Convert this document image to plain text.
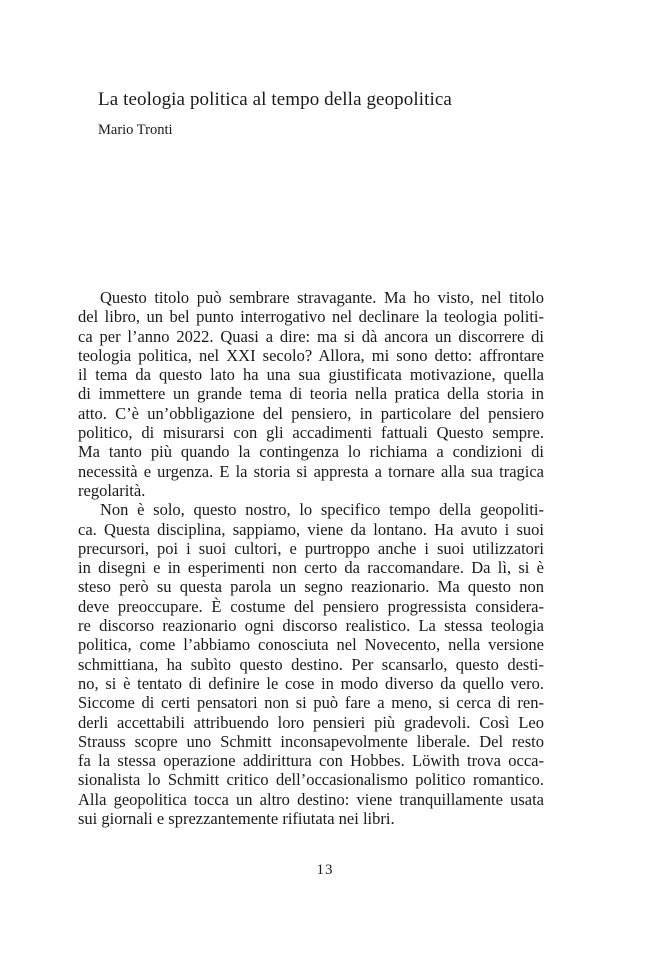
La teologia politica al tempo della geopolitica
Mario Tronti
Questo titolo può sembrare stravagante. Ma ho visto, nel titolo
del libro, un bel punto interrogativo nel declinare la teologia politi-
ca per l’anno 2022. Quasi a dire: ma si dà ancora un discorrere di
teologia politica, nel XXI secolo? Allora, mi sono detto: affrontare
il tema da questo lato ha una sua giustificata motivazione, quella
di immettere un grande tema di teoria nella pratica della storia in
atto. C’è un’obbligazione del pensiero, in particolare del pensiero
politico, di misurarsi con gli accadimenti fattuali Questo sempre.
Ma tanto più quando la contingenza lo richiama a condizioni di
necessità e urgenza. E la storia si appresta a tornare alla sua tragica
regolarità.
Non è solo, questo nostro, lo specifico tempo della geopoliti-
ca. Questa disciplina, sappiamo, viene da lontano. Ha avuto i suoi
precursori, poi i suoi cultori, e purtroppo anche i suoi utilizzatori
in disegni e in esperimenti non certo da raccomandare. Da lì, si è
steso però su questa parola un segno reazionario. Ma questo non
deve preoccupare. È costume del pensiero progressista considera-
re discorso reazionario ogni discorso realistico. La stessa teologia
politica, come l’abbiamo conosciuta nel Novecento, nella versione
schmittiana, ha subìto questo destino. Per scansarlo, questo desti-
no, si è tentato di definire le cose in modo diverso da quello vero.
Siccome di certi pensatori non si può fare a meno, si cerca di ren-
derli accettabili attribuendo loro pensieri più gradevoli. Così Leo
Strauss scopre uno Schmitt inconsapevolmente liberale. Del resto
fa la stessa operazione addirittura con Hobbes. Löwith trova occa-
sionalista lo Schmitt critico dell’occasionalismo politico romantico.
Alla geopolitica tocca un altro destino: viene tranquillamente usata
sui giornali e sprezzantemente rifiutata nei libri.
13
